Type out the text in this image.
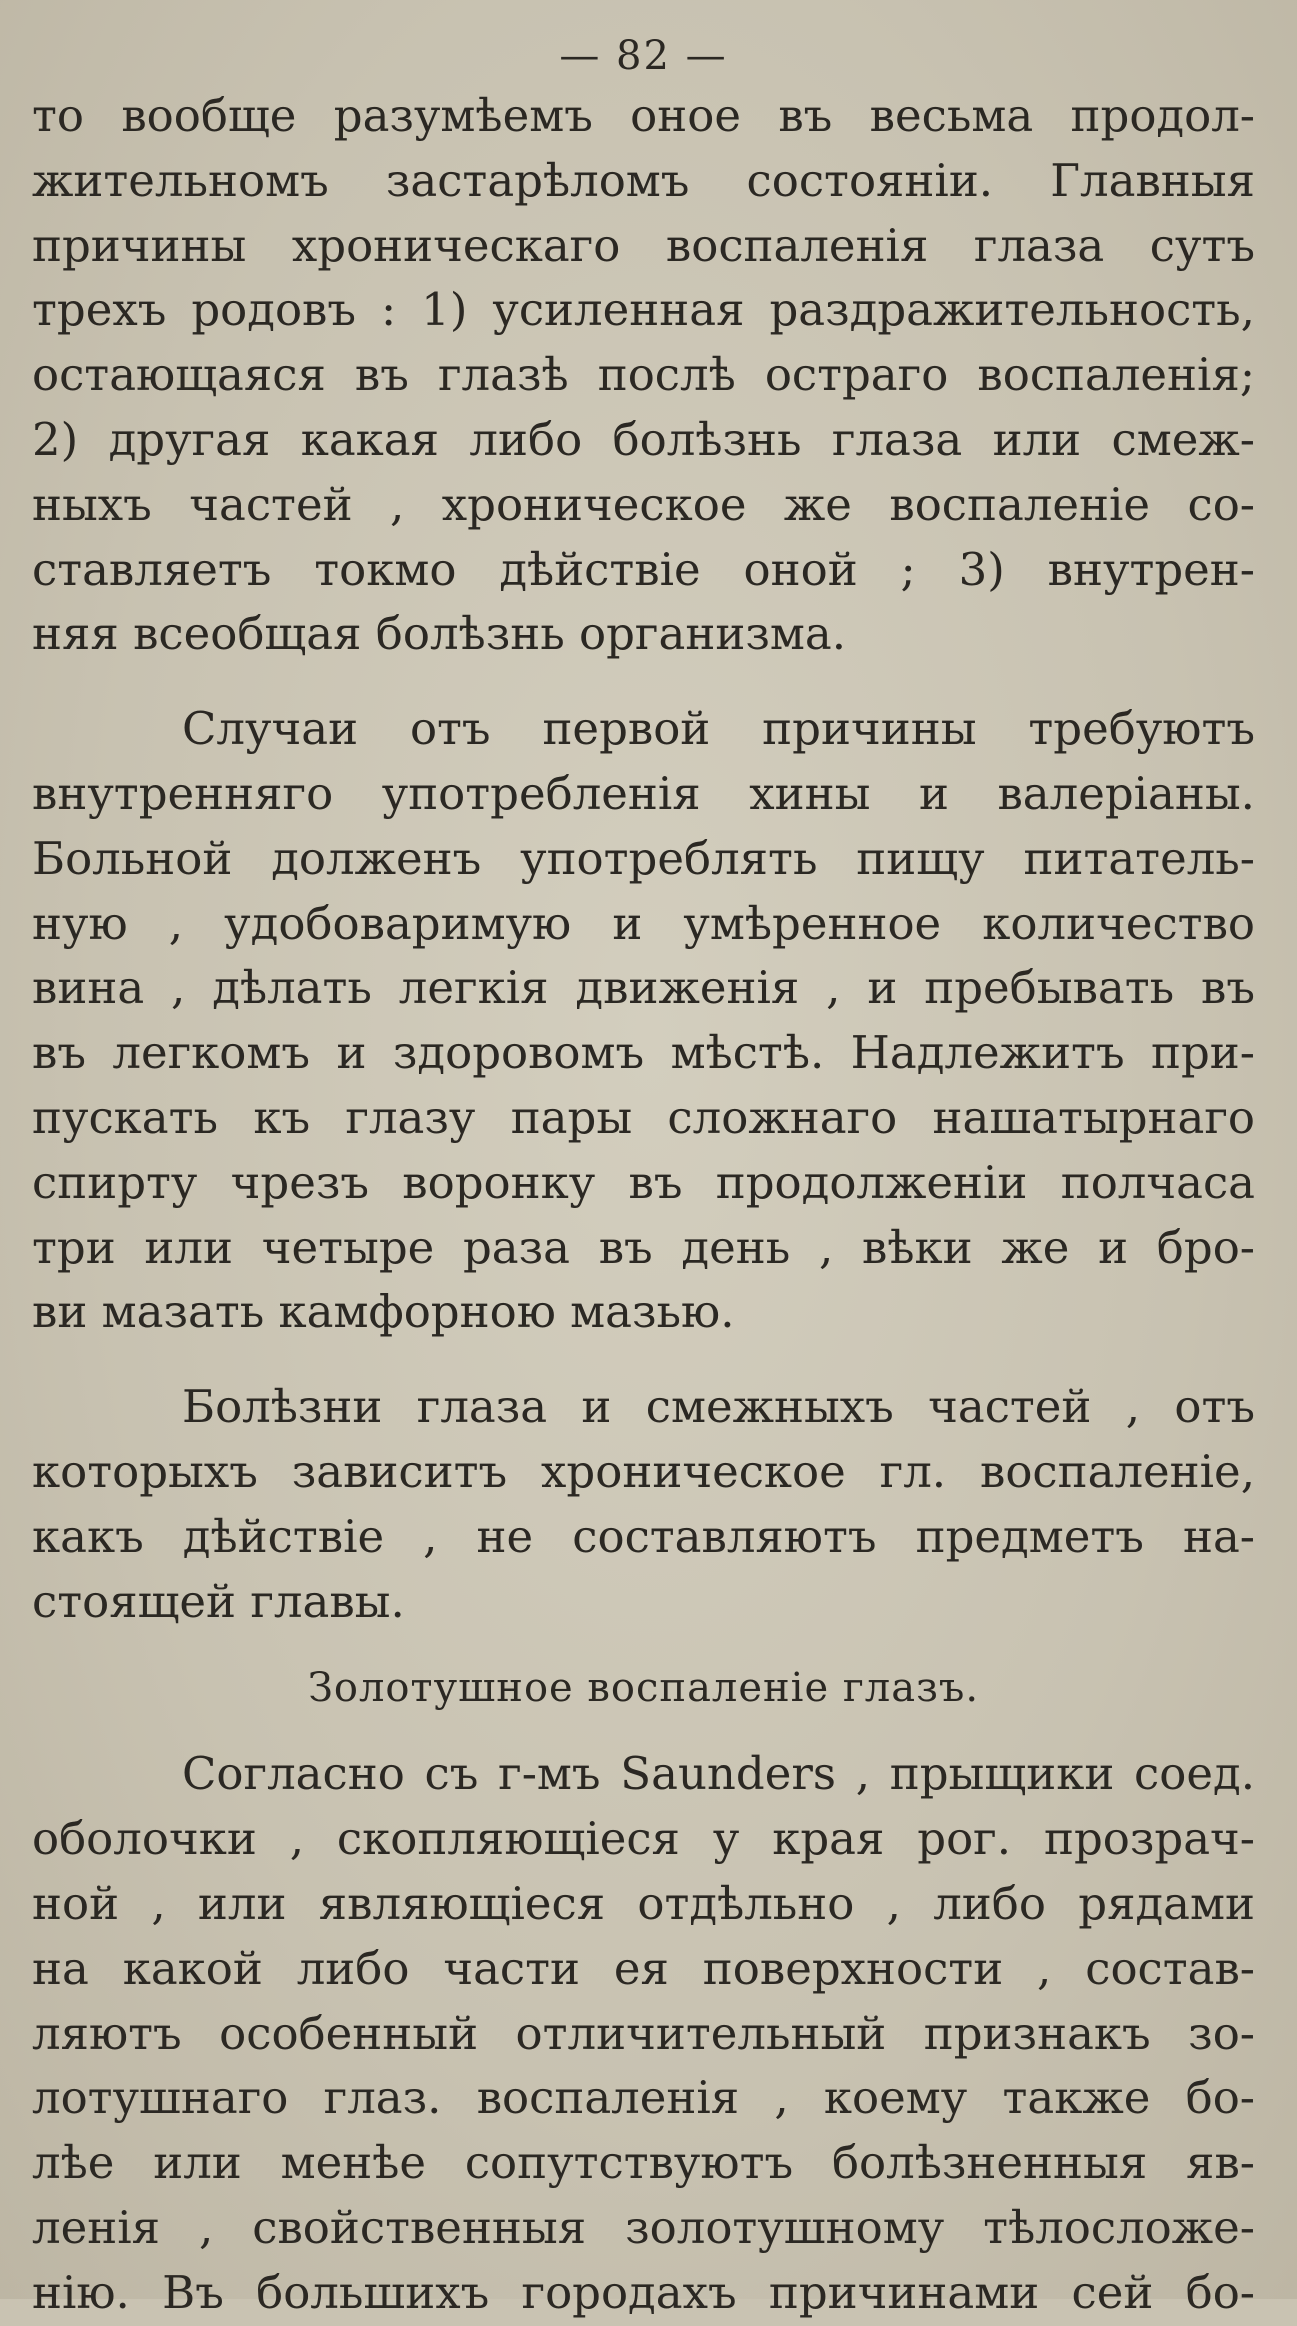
— 82 —
то вообще разумѣемъ оное въ весьма продол-
жительномъ застарѣломъ состояніи. Главныя
причины хроническаго воспаленія глаза сутъ
трехъ родовъ : 1) усиленная раздражительность,
остающаяся въ глазѣ послѣ остраго воспаленія;
2) другая какая либо болѣзнь глаза или смеж-
ныхъ частей , хроническое же воспаленіе со-
ставляетъ токмо дѣйствіе оной ; 3) внутрен-
няя всеобщая болѣзнь организма.
Случаи отъ первой причины требуютъ
внутренняго употребленія хины и валеріаны.
Больной долженъ употреблять пищу питатель-
ную , удобоваримую и умѣренное количество
вина , дѣлать легкія движенія , и пребывать въ
въ легкомъ и здоровомъ мѣстѣ. Надлежитъ при-
пускать къ глазу пары сложнаго нашатырнаго
спирту чрезъ воронку въ продолженіи полчаса
три или четыре раза въ день , вѣки же и бро-
ви мазать камфорною мазью.
Болѣзни глаза и смежныхъ частей , отъ
которыхъ зависитъ хроническое гл. воспаленіе,
какъ дѣйствіе , не составляютъ предметъ на-
стоящей главы.
Золотушное воспаленіе глазъ.
Согласно съ г-мъ Saunders , прыщики соед.
оболочки , скопляющіеся у края рог. прозрач-
ной , или являющіеся отдѣльно , либо рядами
на какой либо части ея поверхности , состав-
ляютъ особенный отличительный признакъ зо-
лотушнаго глаз. воспаленія , коему также бо-
лѣе или менѣе сопутствуютъ болѣзненныя яв-
ленія , свойственныя золотушному тѣлосложе-
нію. Въ большихъ городахъ причинами сей бо-
